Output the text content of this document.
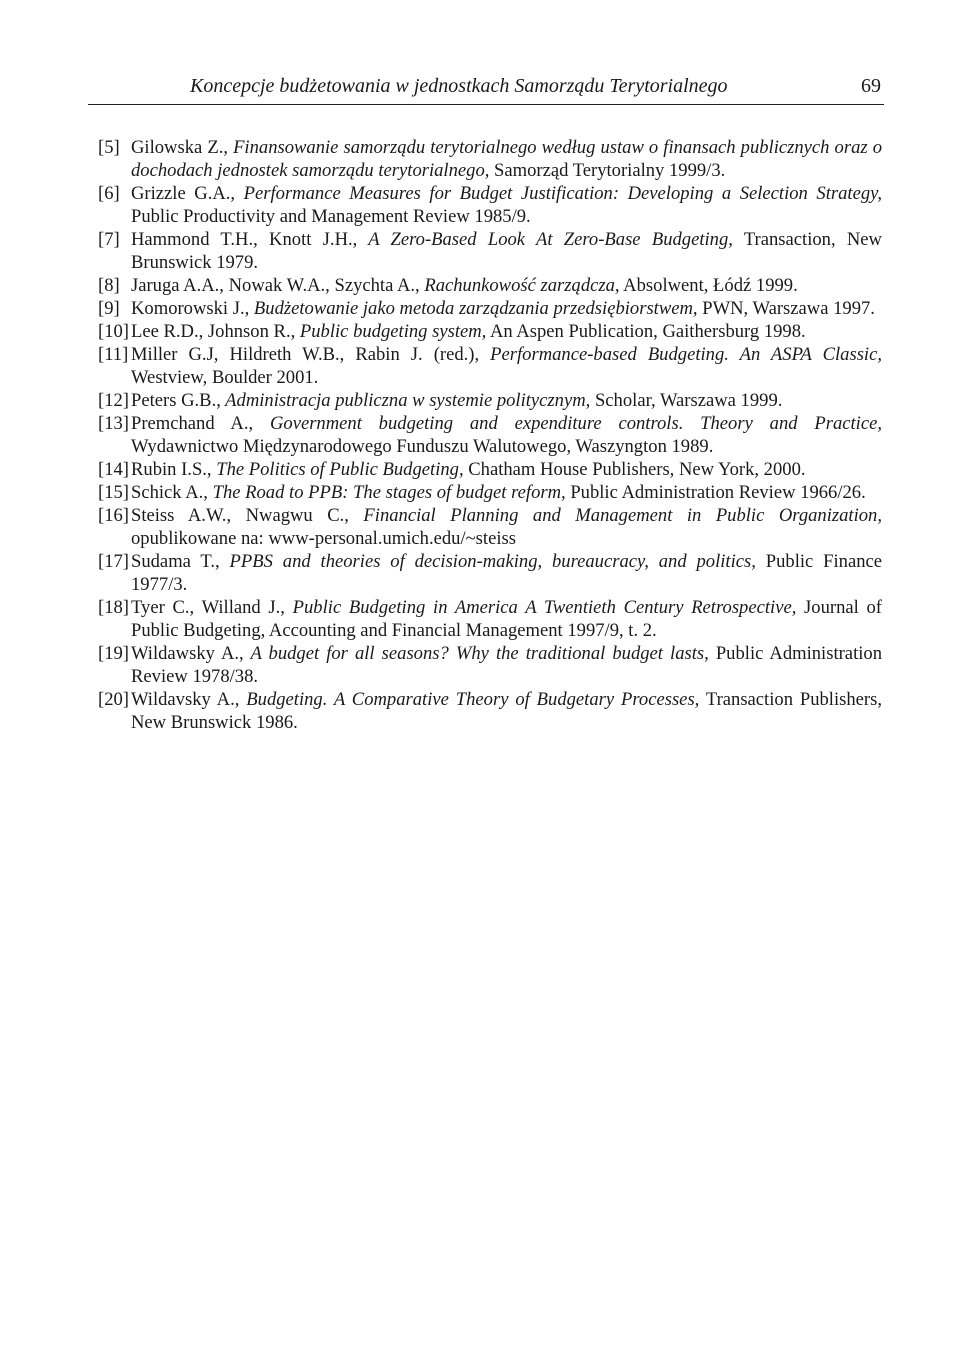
Koncepcje budżetowania w jednostkach Samorządu Terytorialnego	69

[5] Gilowska Z., Finansowanie samorządu terytorialnego według ustaw o finansach publicznych oraz o dochodach jednostek samorządu terytorialnego, Samorząd Terytorialny 1999/3.

[6] Grizzle G.A., Performance Measures for Budget Justification: Developing a Selection Strategy, Public Productivity and Management Review 1985/9.

[7] Hammond T.H., Knott J.H., A Zero-Based Look At Zero-Base Budgeting, Transaction, New Brunswick 1979.

[8] Jaruga A.A., Nowak W.A., Szychta A., Rachunkowość zarządcza, Absolwent, Łódź 1999.

[9] Komorowski J., Budżetowanie jako metoda zarządzania przedsiębiorstwem, PWN, Warszawa 1997.

[10] Lee R.D., Johnson R., Public budgeting system, An Aspen Publication, Gaithersburg 1998.

[11] Miller G.J, Hildreth W.B., Rabin J. (red.), Performance-based Budgeting. An ASPA Classic, Westview, Boulder 2001.

[12] Peters G.B., Administracja publiczna w systemie politycznym, Scholar, Warszawa 1999.

[13] Premchand A., Government budgeting and expenditure controls. Theory and Practice, Wydawnictwo Międzynarodowego Funduszu Walutowego, Waszyngton 1989.

[14] Rubin I.S., The Politics of Public Budgeting, Chatham House Publishers, New York, 2000.

[15] Schick A., The Road to PPB: The stages of budget reform, Public Administration Review 1966/26.

[16] Steiss A.W., Nwagwu C., Financial Planning and Management in Public Organization, opublikowane na: www-personal.umich.edu/~steiss

[17] Sudama T., PPBS and theories of decision-making, bureaucracy, and politics, Public Finance 1977/3.

[18] Tyer C., Willand J., Public Budgeting in America A Twentieth Century Retrospective, Journal of Public Budgeting, Accounting and Financial Management 1997/9, t. 2.

[19] Wildawsky A., A budget for all seasons? Why the traditional budget lasts, Public Administration Review 1978/38.

[20] Wildavsky A., Budgeting. A Comparative Theory of Budgetary Processes, Transaction Publishers, New Brunswick 1986.
